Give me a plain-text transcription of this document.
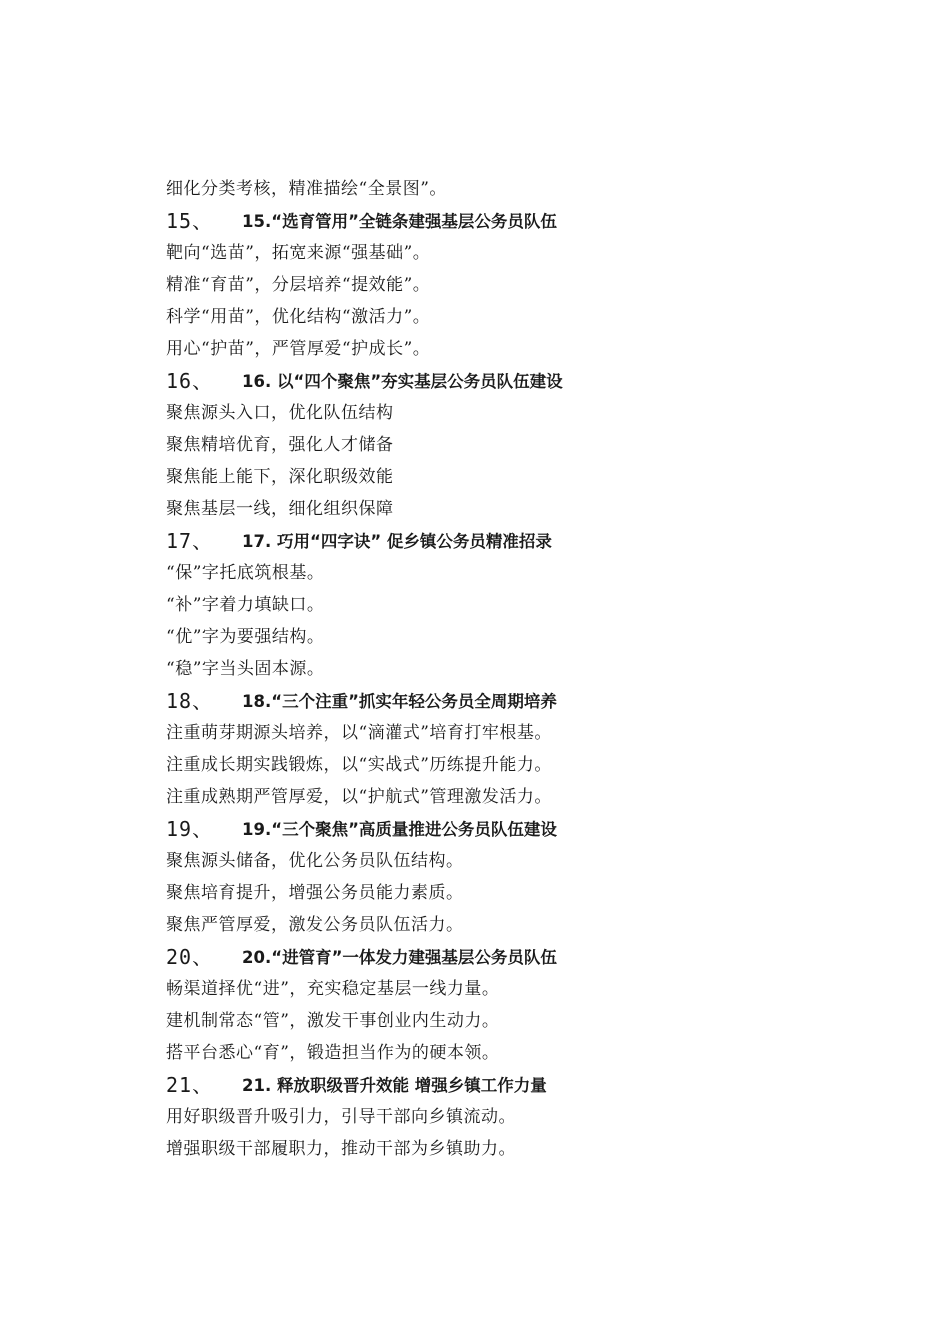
细化分类考核，精准描绘“全景图”。
15、 15.“选育管用”全链条建强基层公务员队伍
靶向“选苗”，拓宽来源“强基础”。
精准“育苗”，分层培养“提效能”。
科学“用苗”，优化结构“激活力”。
用心“护苗”，严管厚爱“护成长”。
16、 16. 以“四个聚焦”夯实基层公务员队伍建设
聚焦源头入口，优化队伍结构
聚焦精培优育，强化人才储备
聚焦能上能下，深化职级效能
聚焦基层一线，细化组织保障
17、 17. 巧用“四字诀” 促乡镇公务员精准招录
“保”字托底筑根基。
“补”字着力填缺口。
“优”字为要强结构。
“稳”字当头固本源。
18、 18.“三个注重”抓实年轻公务员全周期培养
注重萌芽期源头培养，以“滴灌式”培育打牢根基。
注重成长期实践锻炼，以“实战式”历练提升能力。
注重成熟期严管厚爱，以“护航式”管理激发活力。
19、 19.“三个聚焦”高质量推进公务员队伍建设
聚焦源头储备，优化公务员队伍结构。
聚焦培育提升，增强公务员能力素质。
聚焦严管厚爱，激发公务员队伍活力。
20、 20.“进管育”一体发力建强基层公务员队伍
畅渠道择优“进”，充实稳定基层一线力量。
建机制常态“管”，激发干事创业内生动力。
搭平台悉心“育”，锻造担当作为的硬本领。
21、 21. 释放职级晋升效能 增强乡镇工作力量
用好职级晋升吸引力，引导干部向乡镇流动。
增强职级干部履职力，推动干部为乡镇助力。
